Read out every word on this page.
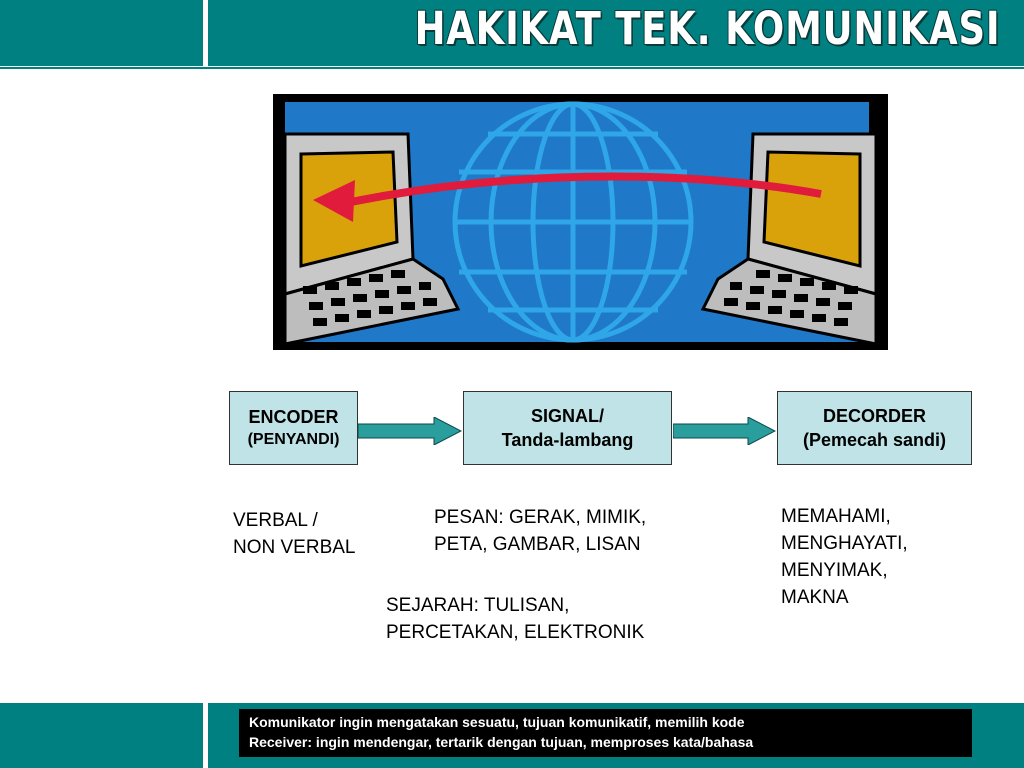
HAKIKAT TEK. KOMUNIKASI
ENCODER
(PENYANDI)
SIGNAL/
Tanda-lambang
DECORDER
(Pemecah sandi)
VERBAL /
NON VERBAL
PESAN: GERAK, MIMIK,
PETA, GAMBAR, LISAN
SEJARAH: TULISAN,
PERCETAKAN, ELEKTRONIK
MEMAHAMI,
MENGHAYATI,
MENYIMAK,
MAKNA
Komunikator ingin mengatakan sesuatu, tujuan komunikatif, memilih kode
Receiver: ingin mendengar, tertarik dengan tujuan, memproses kata/bahasa
